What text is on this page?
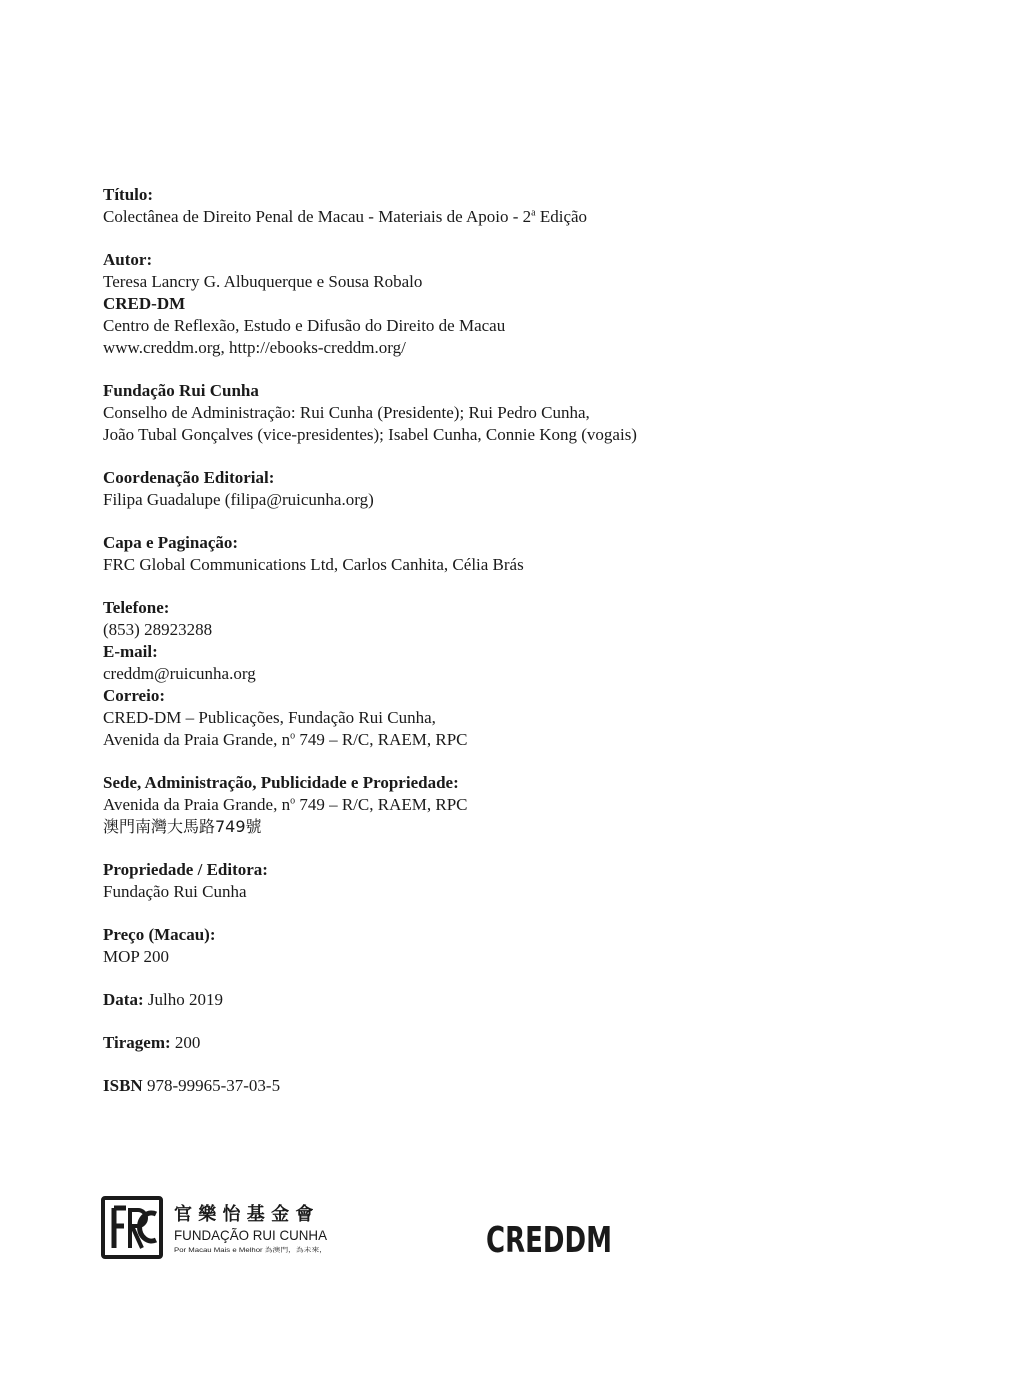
Título:
Colectânea de Direito Penal de Macau - Materiais de Apoio - 2$^a$ Edição
Autor:
Teresa Lancry G. Albuquerque e Sousa Robalo
CRED-DM
Centro de Reflexão, Estudo e Difusão do Direito de Macau
www.creddm.org, http://ebooks-creddm.org/
Fundação Rui Cunha
Conselho de Administração: Rui Cunha (Presidente); Rui Pedro Cunha,
João Tubal Gonçalves (vice-presidentes); Isabel Cunha, Connie Kong (vogais)
Coordenação Editorial:
Filipa Guadalupe (filipa@ruicunha.org)
Capa e Paginação:
FRC Global Communications Ltd, Carlos Canhita, Célia Brás
Telefone:
(853) 28923288
E-mail:
creddm@ruicunha.org
Correio:
CRED-DM – Publicações, Fundação Rui Cunha,
Avenida da Praia Grande, $n^o$ 749 – R/C, RAEM, RPC
Sede, Administração, Publicidade e Propriedade:
Avenida da Praia Grande, $n^o$ 749 – R/C, RAEM, RPC
澳門南灣大馬路749號
Propriedade / Editora:
Fundação Rui Cunha
Preço (Macau):
MOP 200
Data: Julho 2019
Tiragem: 200
ISBN 978-99965-37-03-5
官 樂 怡 基 金 會
FUNDAÇÃO RUI CUNHA
Por Macau Mais e Melhor 為澳門，為未來，	CREDDM
